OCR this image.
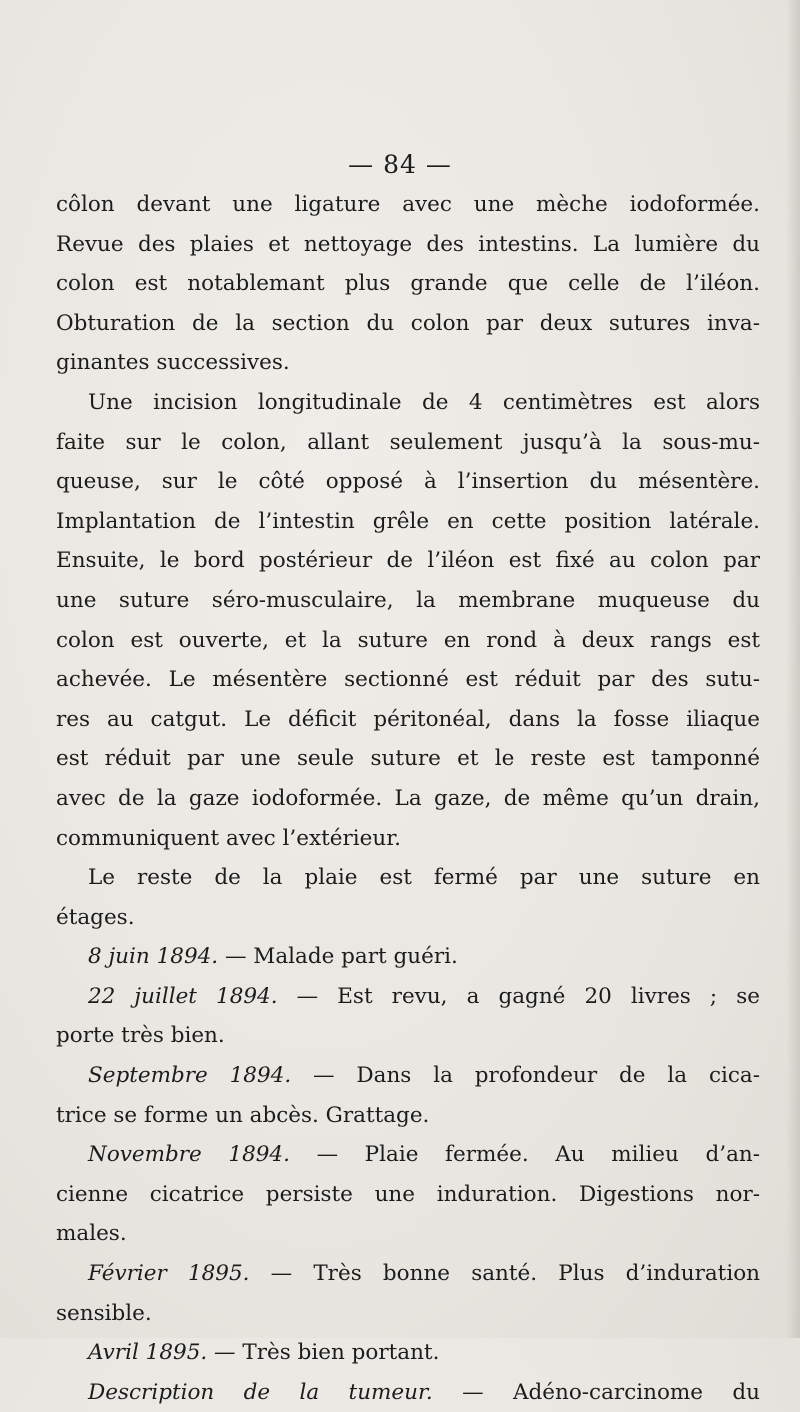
— 84 —
côlon devant une ligature avec une mèche iodoformée.
Revue des plaies et nettoyage des intestins. La lumière du
colon est notablemant plus grande que celle de l’iléon.
Obturation de la section du colon par deux sutures inva-
ginantes successives.
Une incision longitudinale de 4 centimètres est alors
faite sur le colon, allant seulement jusqu’à la sous-mu-
queuse, sur le côté opposé à l’insertion du mésentère.
Implantation de l’intestin grêle en cette position latérale.
Ensuite, le bord postérieur de l’iléon est fixé au colon par
une suture séro-musculaire, la membrane muqueuse du
colon est ouverte, et la suture en rond à deux rangs est
achevée. Le mésentère sectionné est réduit par des sutu-
res au catgut. Le déficit péritonéal, dans la fosse iliaque
est réduit par une seule suture et le reste est tamponné
avec de la gaze iodoformée. La gaze, de même qu’un drain,
communiquent avec l’extérieur.
Le reste de la plaie est fermé par une suture en
étages.
8 juin 1894. — Malade part guéri.
22 juillet 1894. — Est revu, a gagné 20 livres ; se
porte très bien.
Septembre 1894. — Dans la profondeur de la cica-
trice se forme un abcès. Grattage.
Novembre 1894. — Plaie fermée. Au milieu d’an-
cienne cicatrice persiste une induration. Digestions nor-
males.
Février 1895. — Très bonne santé. Plus d’induration
sensible.
Avril 1895. — Très bien portant.
Description de la tumeur. — Adéno-carcinome du
